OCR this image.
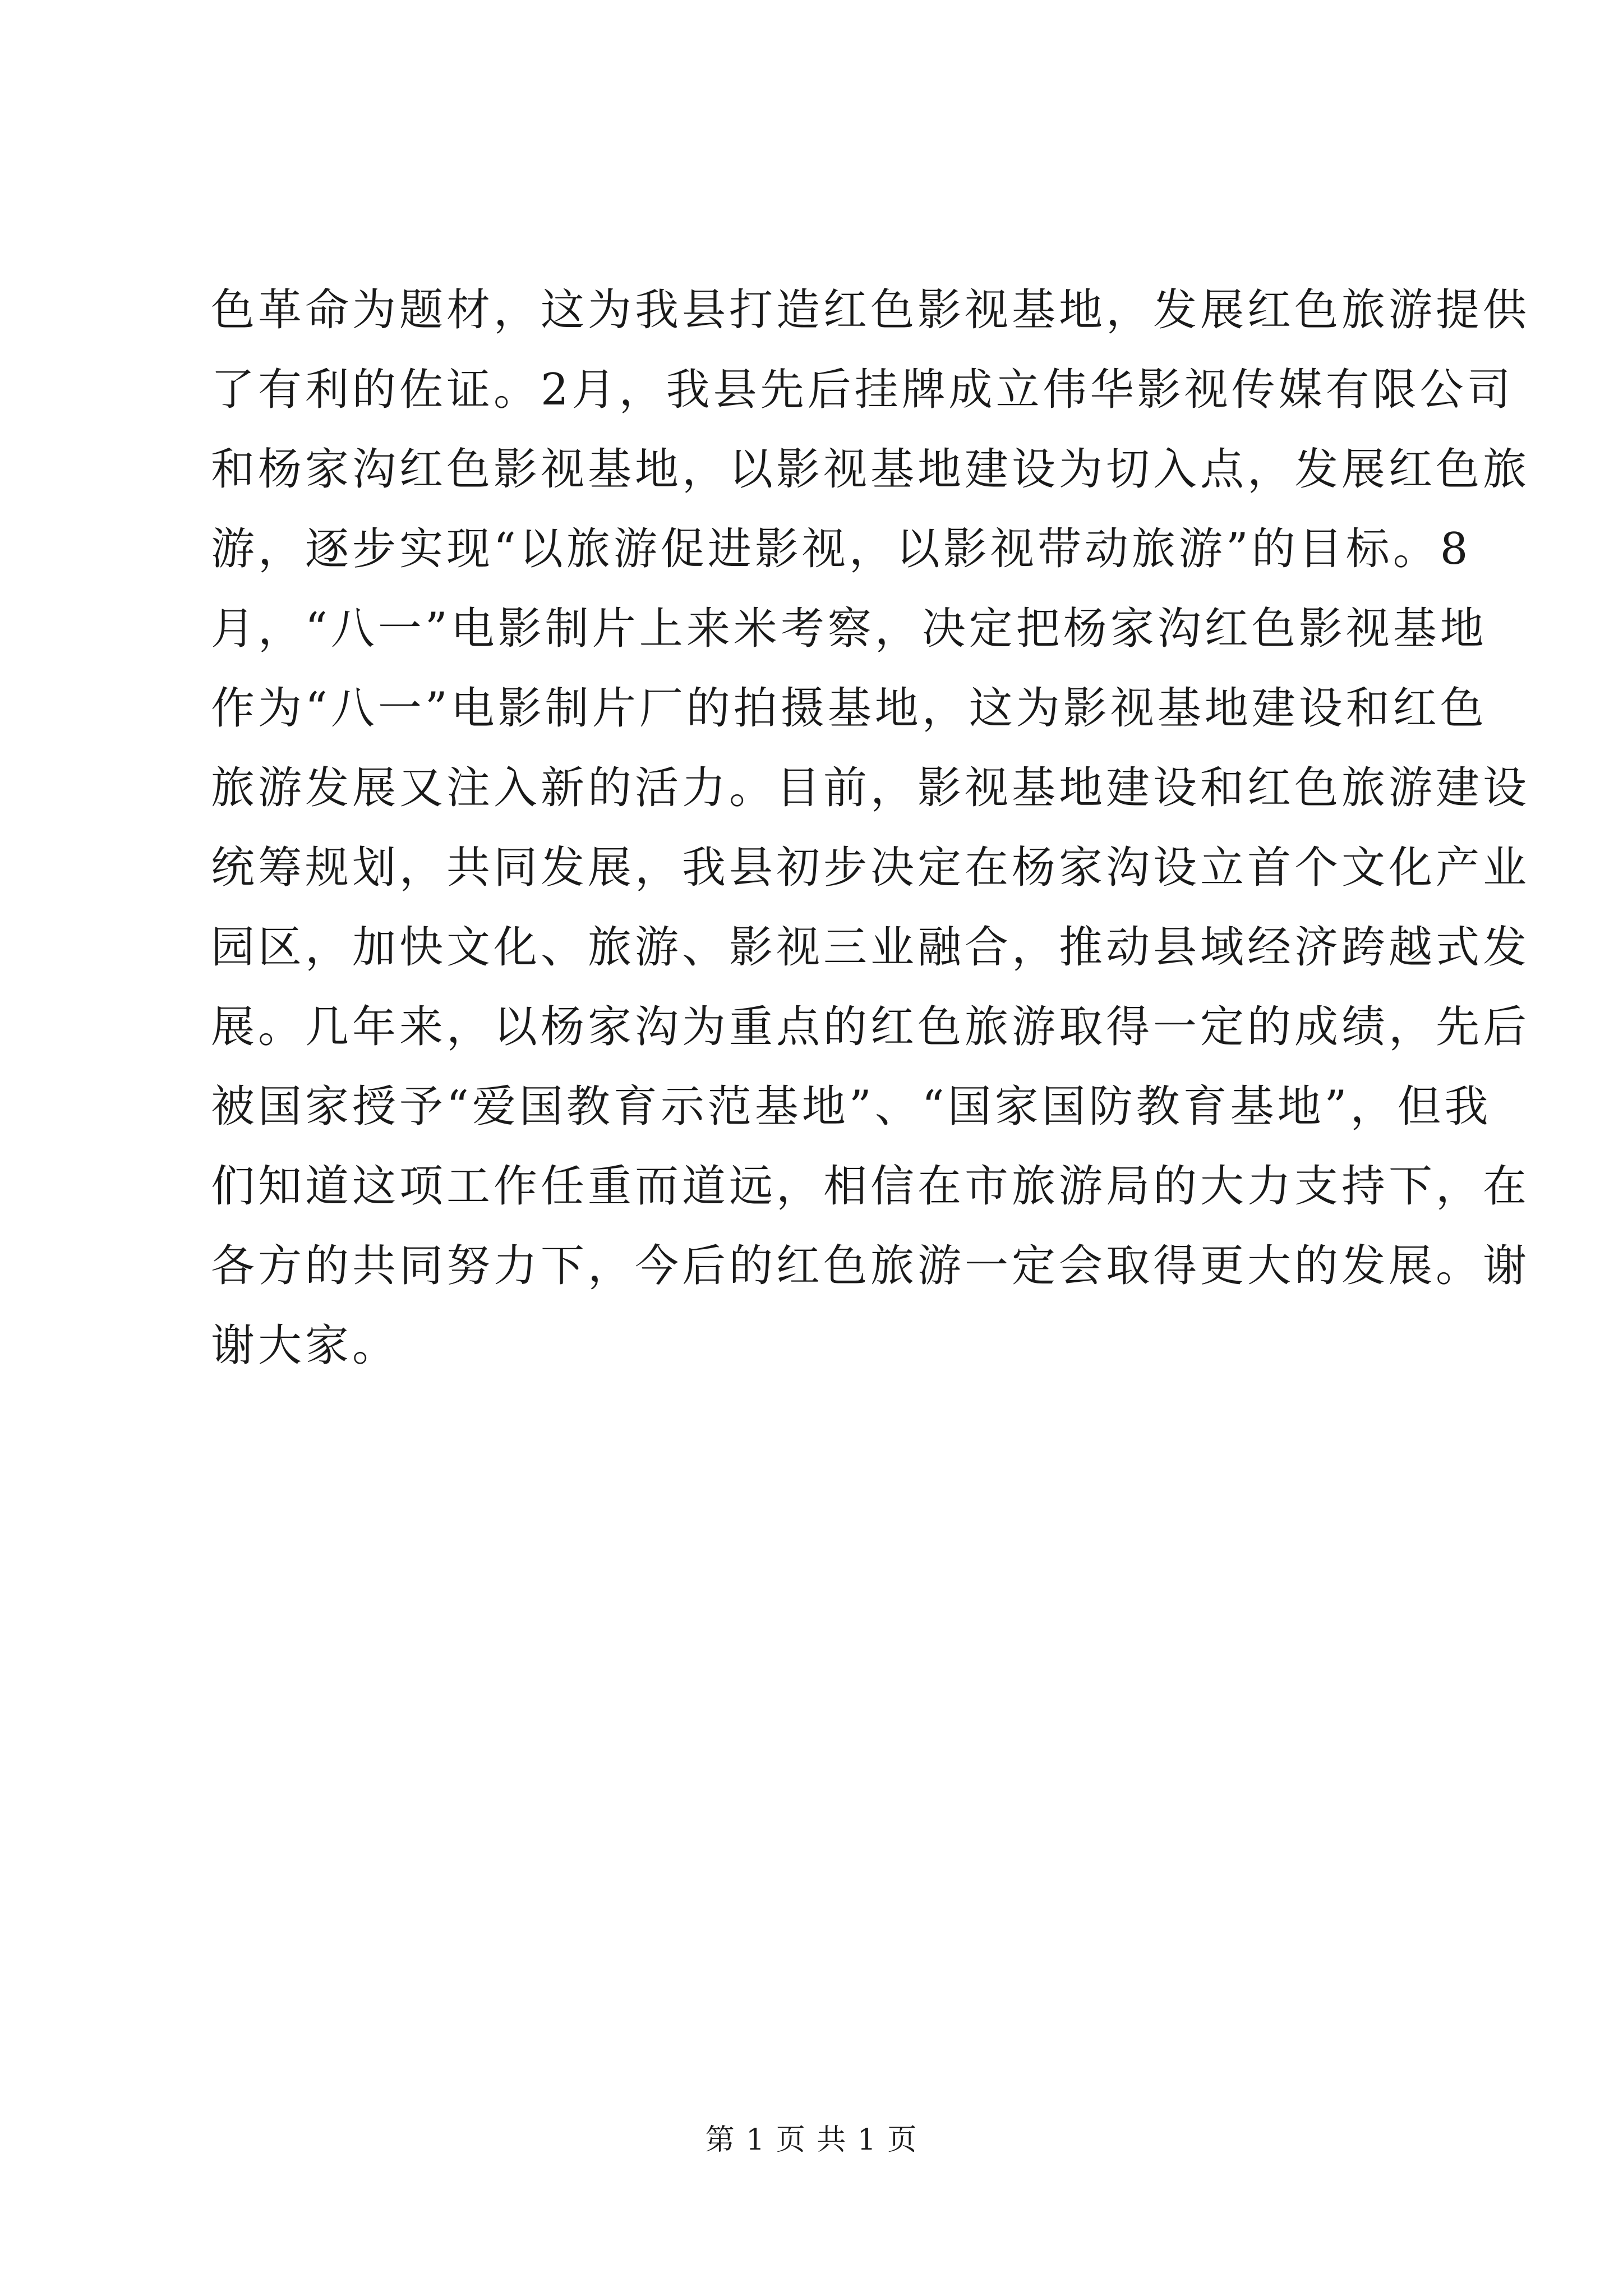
色革命为题材，这为我县打造红色影视基地，发展红色旅游提供
了有利的佐证。2月，我县先后挂牌成立伟华影视传媒有限公司
和杨家沟红色影视基地，以影视基地建设为切入点，发展红色旅
游，逐步实现“以旅游促进影视，以影视带动旅游”的目标。8
月，“八一”电影制片上来米考察，决定把杨家沟红色影视基地
作为“八一”电影制片厂的拍摄基地，这为影视基地建设和红色
旅游发展又注入新的活力。目前，影视基地建设和红色旅游建设
统筹规划，共同发展，我县初步决定在杨家沟设立首个文化产业
园区，加快文化、旅游、影视三业融合，推动县域经济跨越式发
展。几年来，以杨家沟为重点的红色旅游取得一定的成绩，先后
被国家授予“爱国教育示范基地”、“国家国防教育基地”，但我
们知道这项工作任重而道远，相信在市旅游局的大力支持下，在
各方的共同努力下，今后的红色旅游一定会取得更大的发展。谢
谢大家。
第 1 页 共 1 页
